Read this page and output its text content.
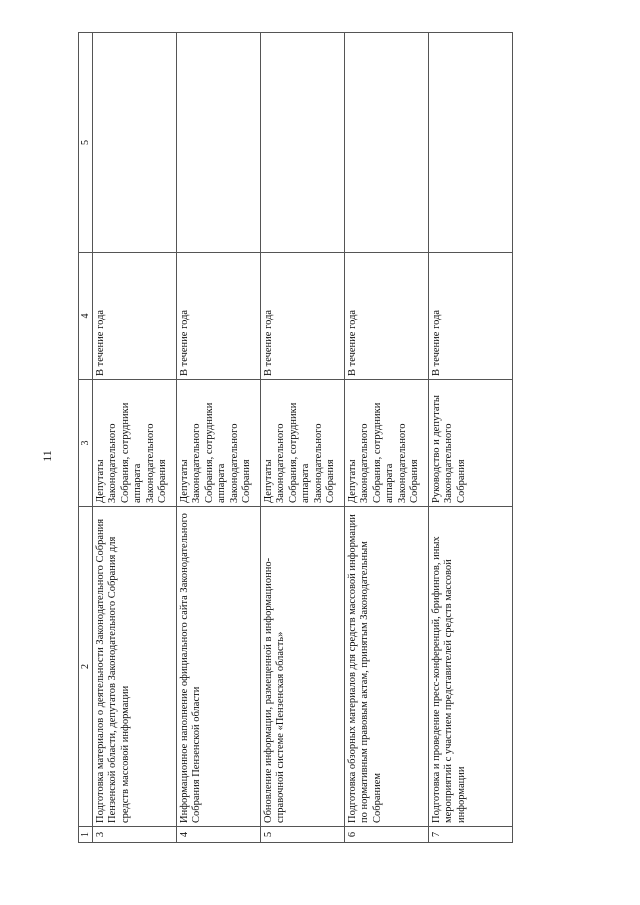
11
1	2	3	4	5
3	Подготовка материалов о деятельности Законодательного Собрания Пензенской области, депутатов Законодательного Собрания для средств массовой информации	Депутаты Законодательного Собрания, сотрудники аппарата Законодательного Собрания	В течение года	
4	Информационное наполнение официального сайта Законодательного Собрания Пензенской области	Депутаты Законодательного Собрания, сотрудники аппарата Законодательного Собрания	В течение года	
5	Обновление информации, размещенной в информационно-справочной системе «Пензенская область»	Депутаты Законодательного Собрания, сотрудники аппарата Законодательного Собрания	В течение года	
6	Подготовка обзорных материалов для средств массовой информации по нормативным правовым актам, принятым Законодательным Собранием	Депутаты Законодательного Собрания, сотрудники аппарата Законодательного Собрания	В течение года	
7	Подготовка и проведение пресс-конференций, брифингов, иных мероприятий с участием представителей средств массовой информации	Руководство и депутаты Законодательного Собрания	В течение года	
